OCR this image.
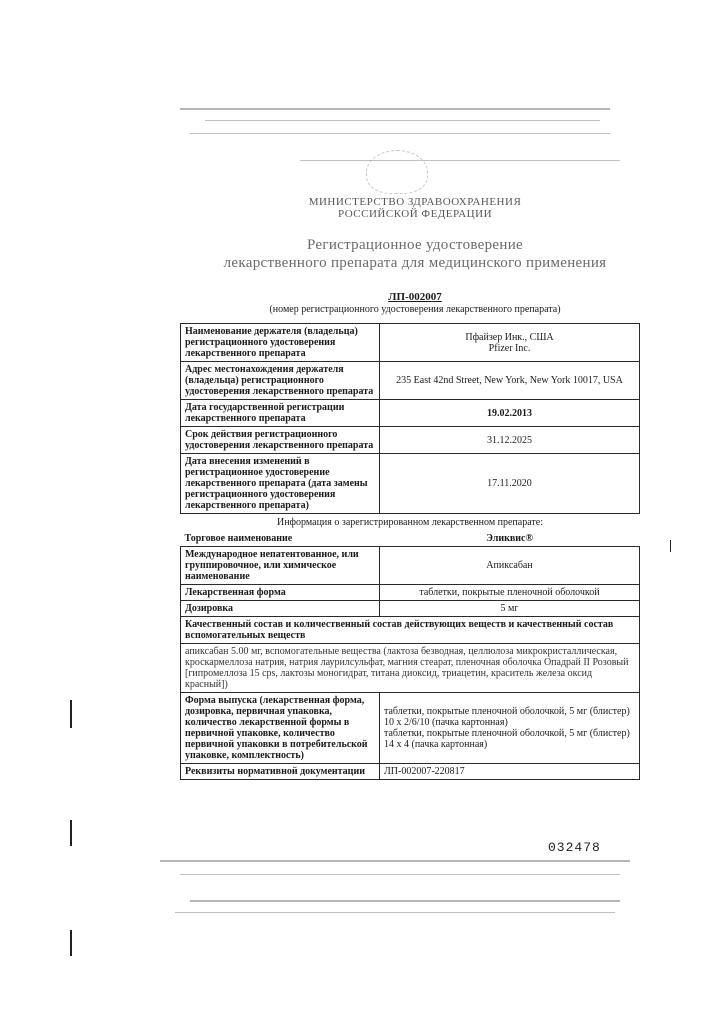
МИНИСТЕРСТВО ЗДРАВООХРАНЕНИЯ
РОССИЙСКОЙ ФЕДЕРАЦИИ
Регистрационное удостоверение
лекарственного препарата для медицинского применения
ЛП-002007
(номер регистрационного удостоверения лекарственного препарата)
Наименование держателя (владельца) регистрационного удостоверения лекарственного препарата	Пфайзер Инк., США
Pfizer Inc.

Адрес местонахождения держателя (владельца) регистрационного удостоверения лекарственного препарата	235 East 42nd Street, New York, New York 10017, USA
Дата государственной регистрации лекарственного препарата	19.02.2013
Срок действия регистрационного удостоверения лекарственного препарата	31.12.2025
Дата внесения изменений в регистрационное удостоверение лекарственного препарата (дата замены регистрационного удостоверения лекарственного препарата)	17.11.2020
Информация о зарегистрированном лекарственном препарате:
Торговое наименование	Эликвис®
Международное непатентованное, или группировочное, или химическое наименование	Апиксабан
Лекарственная форма	таблетки, покрытые пленочной оболочкой
Дозировка	5 мг
Качественный состав и количественный состав действующих веществ и качественный состав вспомогательных веществ	
апиксабан 5.00 мг, вспомогательные вещества (лактоза безводная, целлюлоза микрокристаллическая, кроскармеллоза натрия, натрия лаурилсульфат, магния стеарат, пленочная оболочка Опадрай II Розовый [гипромеллоза 15 cps, лактозы моногидрат, титана диоксид, триацетин, краситель железа оксид красный])	
Форма выпуска (лекарственная форма, дозировка, первичная упаковка, количество лекарственной формы в первичной упаковке, количество первичной упаковки в потребительской упаковке, комплектность)	таблетки, покрытые пленочной оболочкой, 5 мг (блистер) 10 х 2/6/10 (пачка картонная)
таблетки, покрытые пленочной оболочкой, 5 мг (блистер) 14 х 4 (пачка картонная)

Реквизиты нормативной документации	ЛП-002007-220817
032478
